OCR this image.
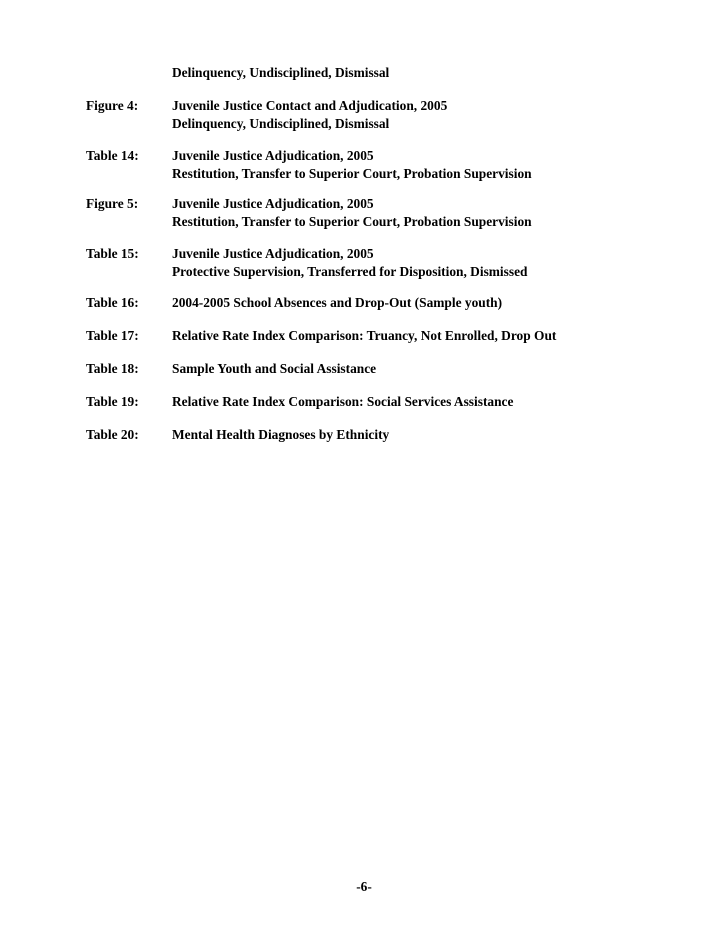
Delinquency, Undisciplined, Dismissal
Figure 4:	Juvenile Justice Contact and Adjudication, 2005
Delinquency, Undisciplined, Dismissal
Table 14: Juvenile Justice Adjudication, 2005
Restitution, Transfer to Superior Court, Probation Supervision
Figure 5:	Juvenile Justice Adjudication, 2005
Restitution, Transfer to Superior Court, Probation Supervision
Table 15: Juvenile Justice Adjudication, 2005
Protective Supervision, Transferred for Disposition, Dismissed
Table 16: 2004-2005 School Absences and Drop-Out (Sample youth)
Table 17: Relative Rate Index Comparison: Truancy, Not Enrolled, Drop Out
Table 18: Sample Youth and Social Assistance
Table 19: Relative Rate Index Comparison: Social Services Assistance
Table 20: Mental Health Diagnoses by Ethnicity
-6-
